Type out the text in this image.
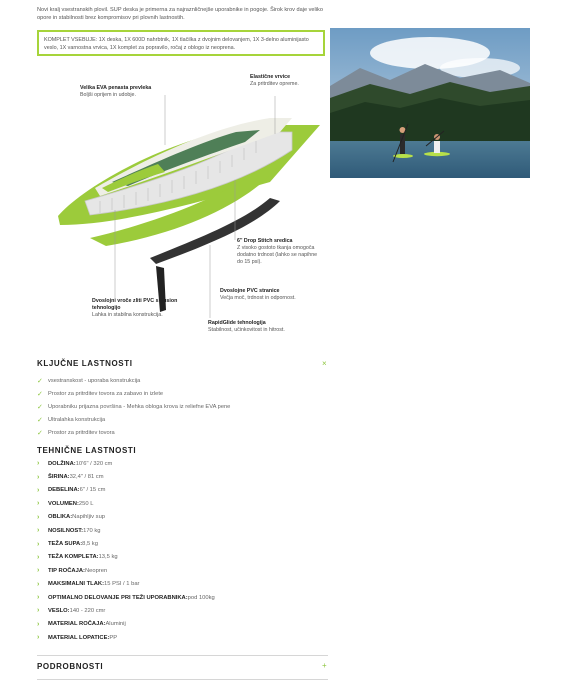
Novi kralj vsestranskih plovil. SUP deska je primerna za najraznličnejše uporabnike in pogoje. Širok krov daje veliko opore in stabilnosti brez kompromisov pri plovnih lastnostih.
KOMPLET VSEBUJE: 1X deska, 1X 600D nahrbtnik, 1X tlačilka z dvojnim delovanjem, 1X 3-delno aluminijasto veslo, 1X varnostna vrvica, 1X komplet za popravilo, ročaj z oblogo iz neoprena.
Velika EVA penasta prevleka
Boljši oprijem in udobje.
Elastične vrvice
Za pritrditev opreme.
6" Drop Stitch sredica
Z visoko gostoto tkanja omogoča dodatno trdnost (lahko se napihne do 15 psi).
Dvoslojne PVC stranice
Večja moč, trdnost in odpornost.
Dvoslojni vroče zliti PVC s Fusion tehnologijo
Lahka in stabilna konstrukcija.
RapidGlide tehnologija
Stabilnost, učinkovitost in hitrost.
KLJUČNE LASTNOSTI	×
✓ vsestranskost - uporaba konstrukcija
✓ Prostor za pritrditev tovora za zabavo in izlete
✓ Uporabniku prijazna površina - Mehka obloga krova iz reliefne EVA pene
✓ Ultralahka konstrukcija
✓ Prostor za pritrditev tovora
TEHNIČNE LASTNOSTI
›	DOLŽINA: 10'6" / 320 cm
›	ŠIRINA: 32,4" / 81 cm
›	DEBELINA: 6" / 15 cm
›	VOLUMEN: 250 L
›	OBLIKA: Napihljiv sup
›	NOSILNOST: 170 kg
›	TEŽA SUPA: 8,5 kg
›	TEŽA KOMPLETA: 13,5 kg
›	TIP ROČAJA: Neopren
›	MAKSIMALNI TLAK: 15 PSI / 1 bar
›	OPTIMALNO DELOVANJE PRI TEŽI UPORABNIKA: pod 100kg
›	VESLO: 140 - 220 cmr
›	MATERIAL ROČAJA: Aluminij
›	MATERIAL LOPATICE: PP
PODROBNOSTI	+
